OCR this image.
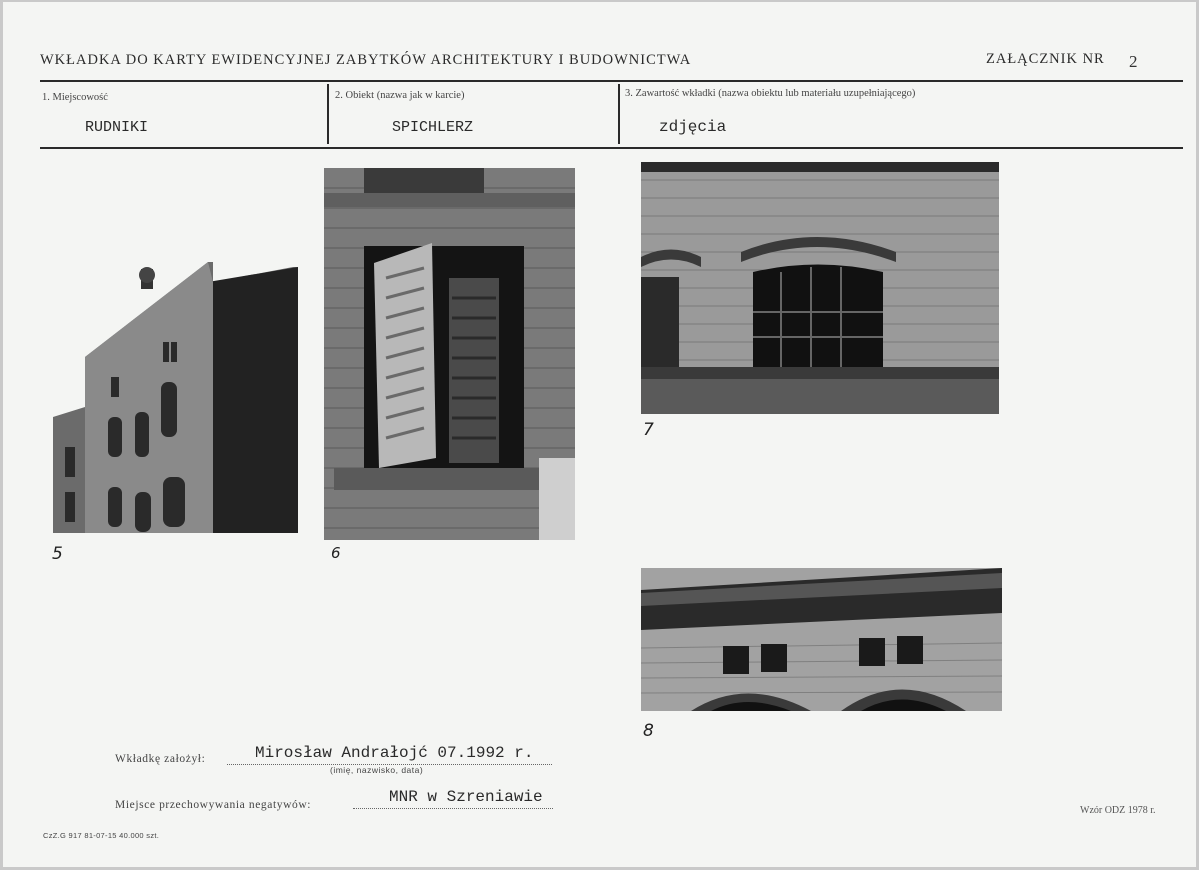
WKŁADKA DO KARTY EWIDENCYJNEJ ZABYTKÓW ARCHITEKTURY I BUDOWNICTWA	ZAŁĄCZNIK NR 2
1. Miejscowość
RUDNIKI
2. Obiekt (nazwa jak w karcie)
SPICHLERZ
3. Zawartość wkładki (nazwa obiektu lub materiału uzupełniającego)
zdjęcia
5	6
7
8
Wkładkę założył:	Mirosław Andrałojć 07.1992 r.
(imię, nazwisko, data)
Miejsce przechowywania negatywów:	MNR w Szreniawie
Wzór ODZ 1978 r.
CzZ.G 917 81-07-15 40.000 szt.
